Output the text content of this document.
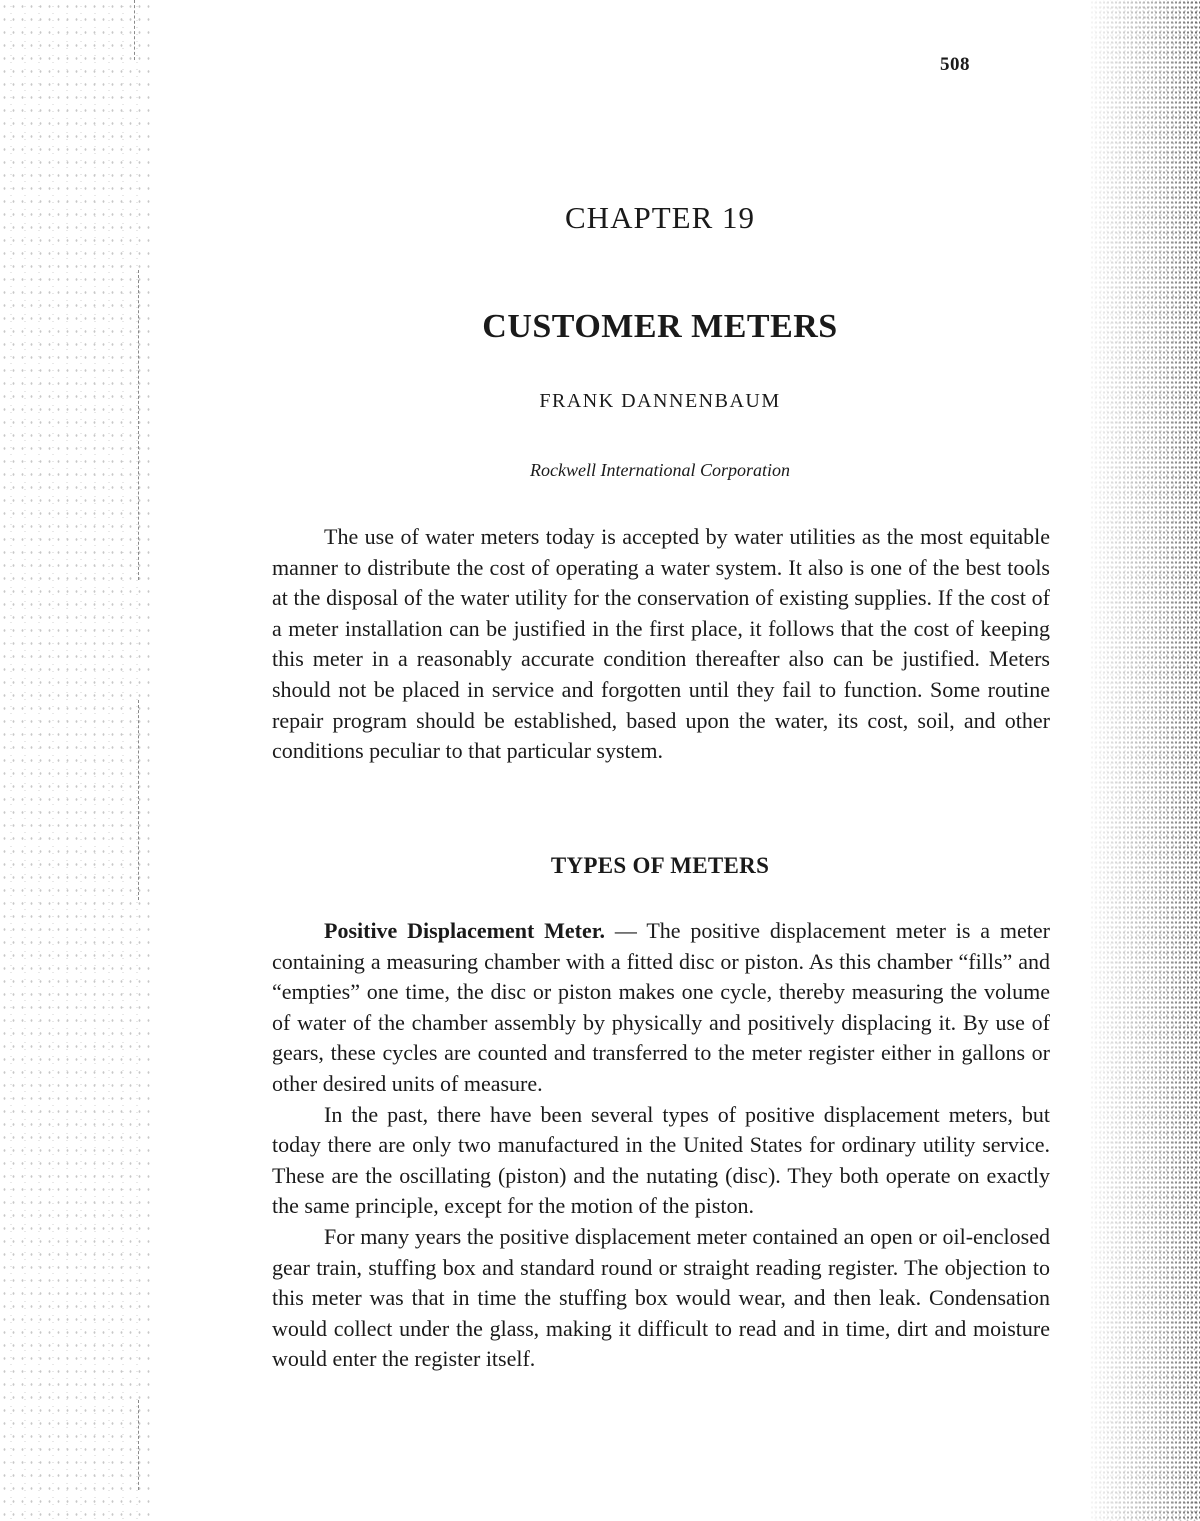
508
CHAPTER 19
CUSTOMER METERS
FRANK DANNENBAUM
Rockwell International Corporation

The use of water meters today is accepted by water utilities as the most equitable manner to distribute the cost of operating a water system. It also is one of the best tools at the disposal of the water utility for the conservation of existing supplies. If the cost of a meter installation can be justified in the first place, it follows that the cost of keeping this meter in a reasonably accurate condition thereafter also can be justified. Meters should not be placed in service and forgotten until they fail to function. Some routine repair program should be established, based upon the water, its cost, soil, and other conditions peculiar to that particular system.

TYPES OF METERS

Positive Displacement Meter. — The positive displacement meter is a meter containing a measuring chamber with a fitted disc or piston. As this chamber “fills” and “empties” one time, the disc or piston makes one cycle, thereby measuring the volume of water of the chamber assembly by physically and positively displacing it. By use of gears, these cycles are counted and transferred to the meter register either in gallons or other desired units of measure.

In the past, there have been several types of positive displacement meters, but today there are only two manufactured in the United States for ordinary utility service. These are the oscillating (piston) and the nutating (disc). They both operate on exactly the same principle, except for the motion of the piston.

For many years the positive displacement meter contained an open or oil-enclosed gear train, stuffing box and standard round or straight reading register. The objection to this meter was that in time the stuffing box would wear, and then leak. Condensation would collect under the glass, making it difficult to read and in time, dirt and moisture would enter the register itself.
